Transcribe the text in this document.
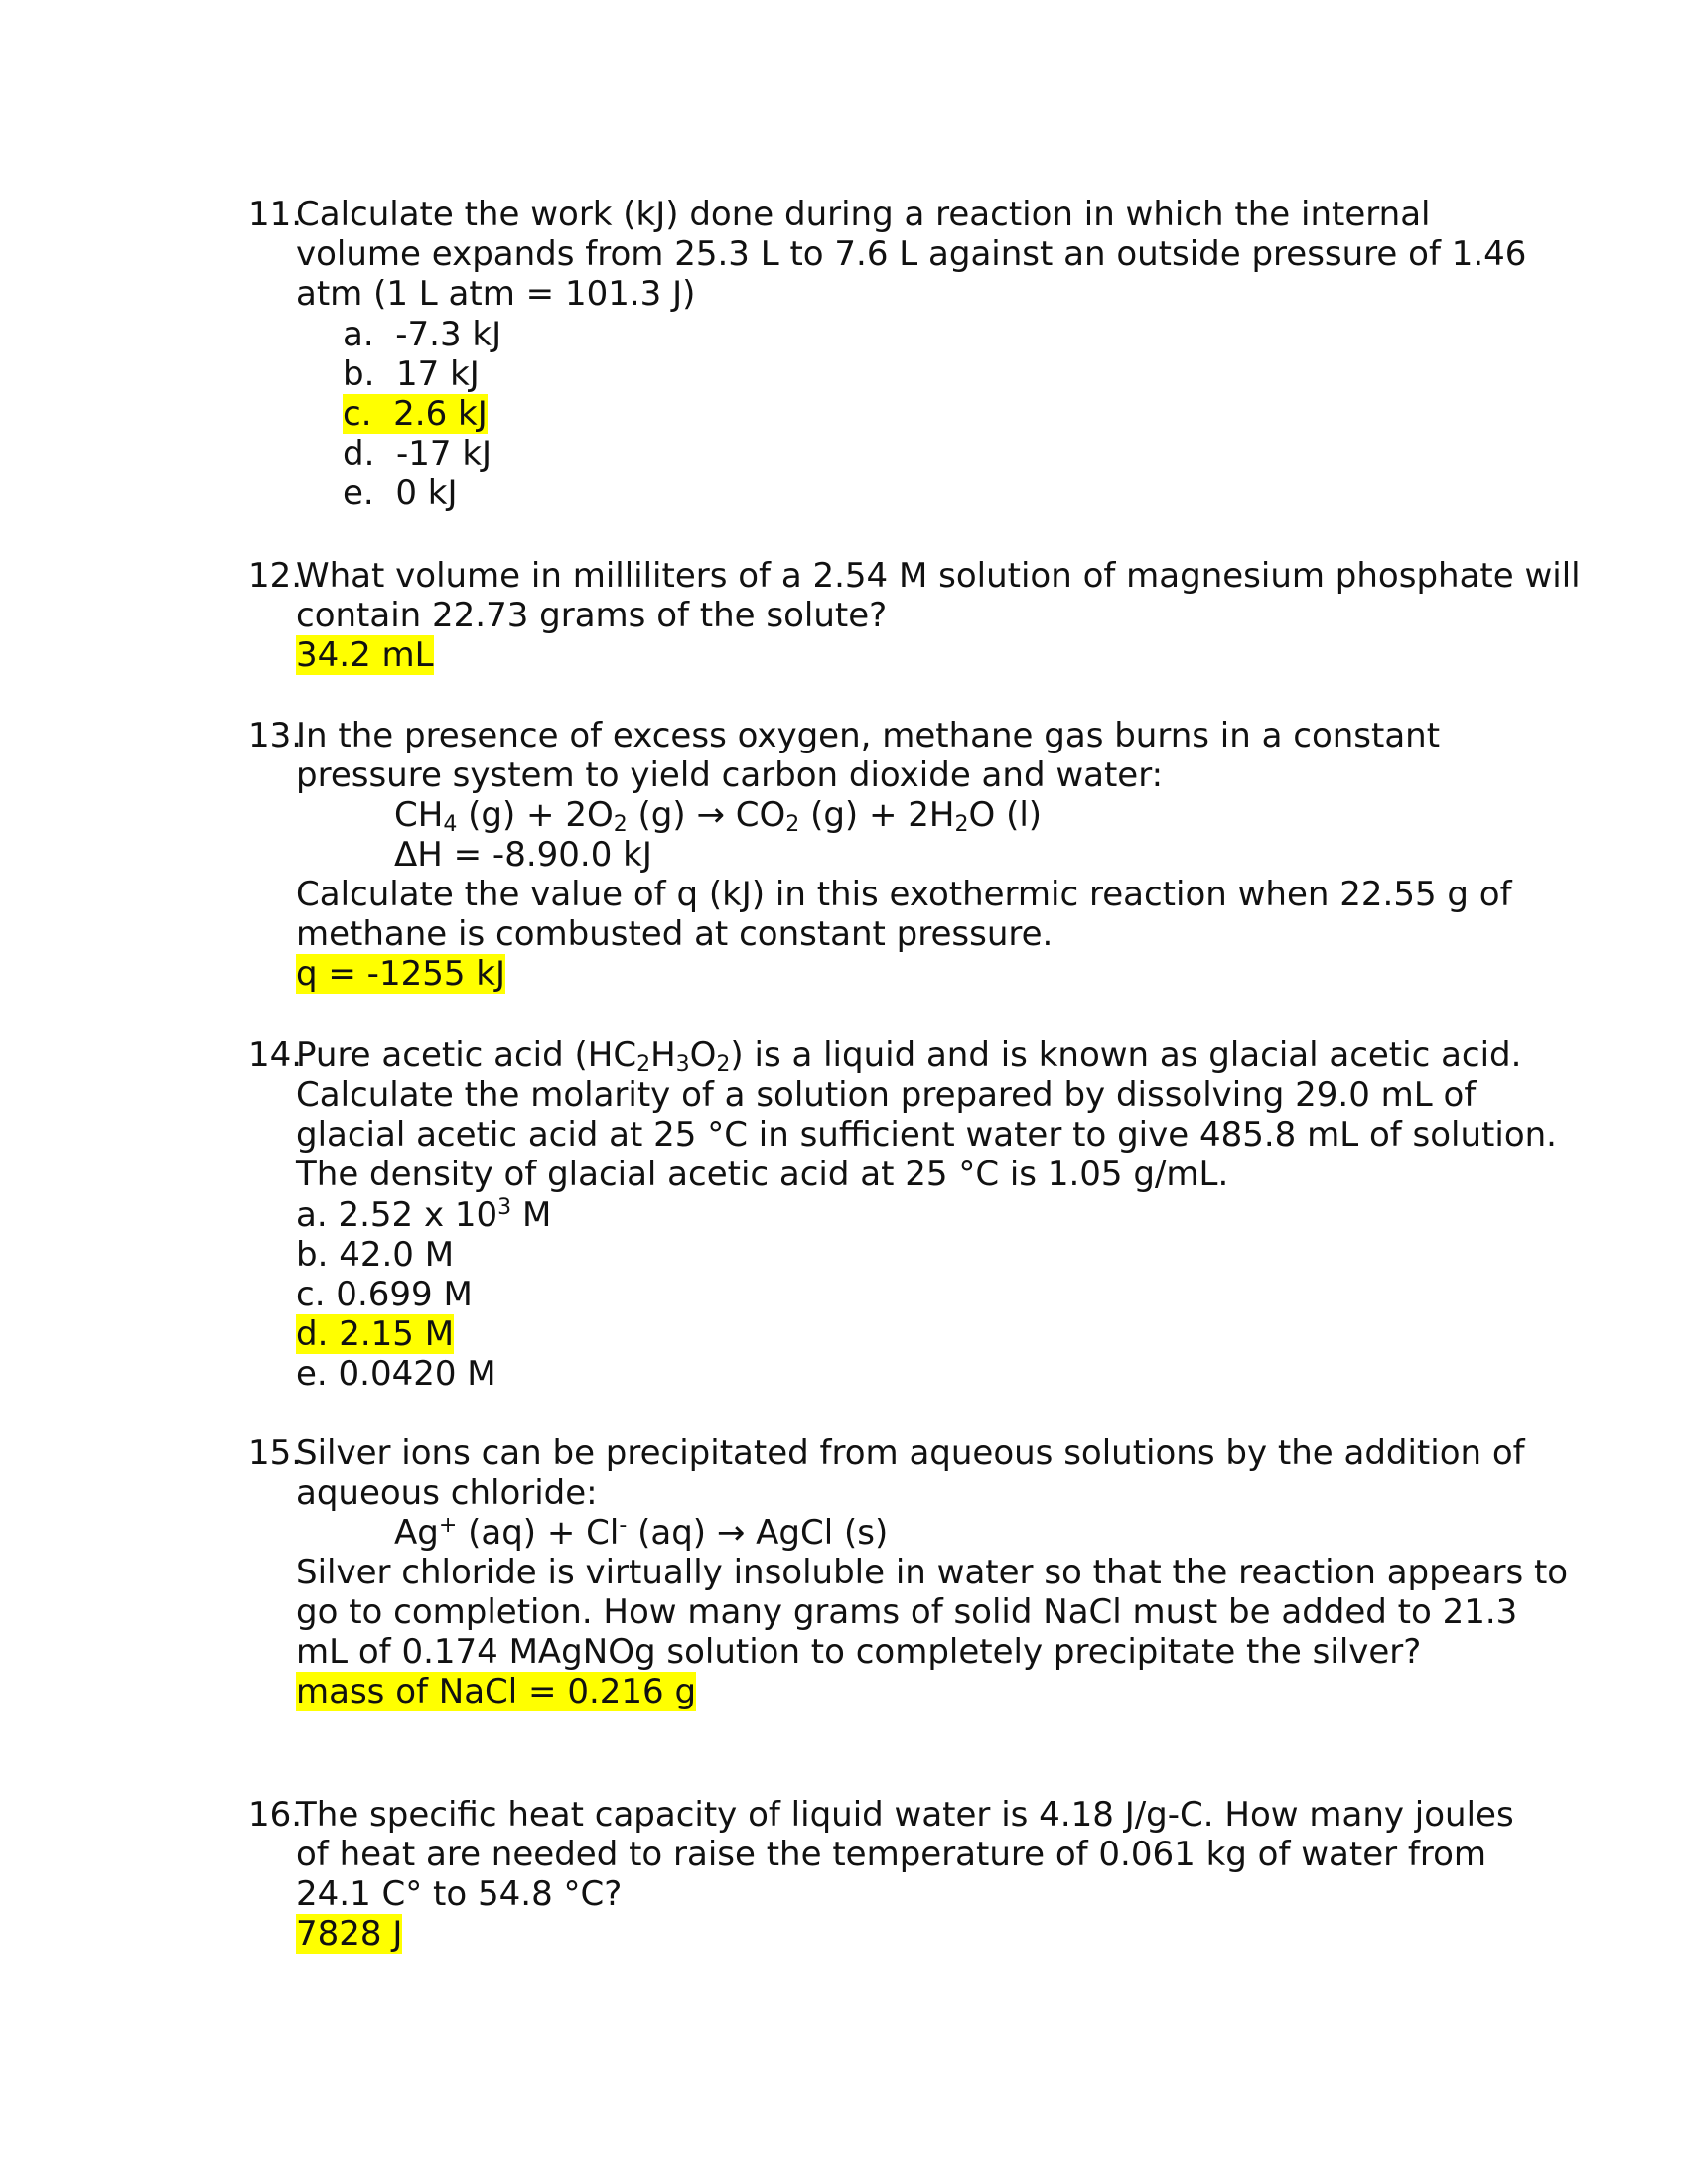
11.
Calculate the work (kJ) done during a reaction in which the internal
volume expands from 25.3 L to 7.6 L against an outside pressure of 1.46
atm (1 L atm = 101.3 J)
a. -7.3 kJ
b. 17 kJ
c. 2.6 kJ
d. -17 kJ
e. 0 kJ
12.
What volume in milliliters of a 2.54 M solution of magnesium phosphate will
contain 22.73 grams of the solute?
34.2 mL
13.
In the presence of excess oxygen, methane gas burns in a constant
pressure system to yield carbon dioxide and water:
$CH_4$ $(g) + 2O_2$ $(g) \to CO_2$ $(g) + 2H_2O$ (l)
ΔH = -8.90.0 kJ
Calculate the value of q (kJ) in this exothermic reaction when 22.55 g of
methane is combusted at constant pressure.
q = -1255 kJ
14.
Pure acetic acid $(HC_2H_3O_2)$ is a liquid and is known as glacial acetic acid.
Calculate the molarity of a solution prepared by dissolving 29.0 mL of
glacial acetic acid at 25 °C in sufficient water to give 485.8 mL of solution.
The density of glacial acetic acid at 25 °C is 1.05 g/mL.
a. 2.52 x $10^3$ M
b. 42.0 M
c. 0.699 M
d. 2.15 M
e. 0.0420 M
15.
Silver ions can be precipitated from aqueous solutions by the addition of
aqueous chloride:
Ag+ (aq) + Cl- (aq) → AgCl (s)
Silver chloride is virtually insoluble in water so that the reaction appears to
go to completion. How many grams of solid NaCl must be added to 21.3
mL of 0.174 MAgNOg solution to completely precipitate the silver?
mass of NaCl = 0.216 g
16.
The specific heat capacity of liquid water is 4.18 J/g-C. How many joules
of heat are needed to raise the temperature of 0.061 kg of water from
24.1 C° to 54.8 °C?
7828 J
